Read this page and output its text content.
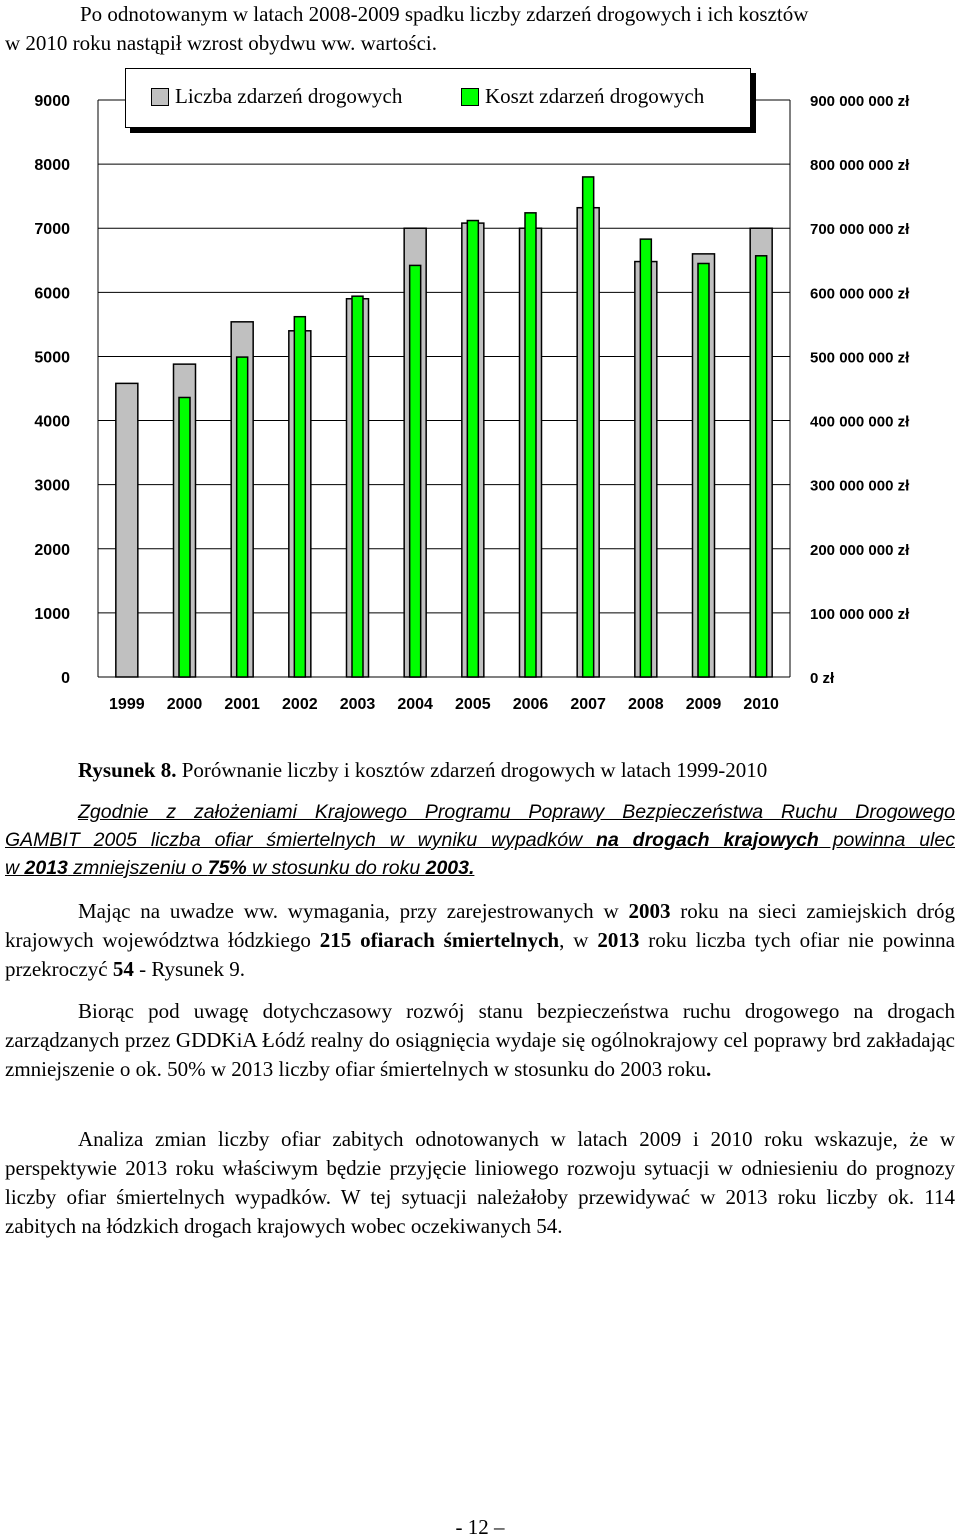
Po odnotowanym w latach 2008-2009 spadku liczby zdarzeń drogowych i ich kosztów
w 2010 roku nastąpił wzrost obydwu ww. wartości.
0	0 zł
1000	100 000 000 zł
2000	200 000 000 zł
3000	300 000 000 zł
4000	400 000 000 zł
5000	500 000 000 zł
6000	600 000 000 zł
7000	700 000 000 zł
8000	800 000 000 zł
9000	900 000 000 zł
1999 2000 2001 2002 2003 2004 2005 2006 2007 2008 2009 2010
Liczba zdarzeń drogowych	Koszt zdarzeń drogowych
Rysunek 8. Porównanie liczby i kosztów zdarzeń drogowych w latach 1999-2010
Zgodnie z założeniami Krajowego Programu Poprawy Bezpieczeństwa Ruchu Drogowego
GAMBIT 2005 liczba ofiar śmiertelnych w wyniku wypadków na drogach krajowych powinna ulec
w 2013 zmniejszeniu o 75% w stosunku do roku 2003.
Mając na uwadze ww. wymagania, przy zarejestrowanych w 2003 roku na sieci zamiejskich dróg krajowych województwa łódzkiego 215 ofiarach śmiertelnych, w 2013 roku liczba tych ofiar nie powinna przekroczyć 54 - Rysunek 9.
Biorąc pod uwagę dotychczasowy rozwój stanu bezpieczeństwa ruchu drogowego na drogach zarządzanych przez GDDKiA Łódź realny do osiągnięcia wydaje się ogólnokrajowy cel poprawy brd zakładając zmniejszenie o ok. 50% w 2013 liczby ofiar śmiertelnych w stosunku do 2003 roku.
Analiza zmian liczby ofiar zabitych odnotowanych w latach 2009 i 2010 roku wskazuje, że w perspektywie 2013 roku właściwym będzie przyjęcie liniowego rozwoju sytuacji w odniesieniu do prognozy liczby ofiar śmiertelnych wypadków. W tej sytuacji należałoby przewidywać w 2013 roku liczby ok. 114 zabitych na łódzkich drogach krajowych wobec oczekiwanych 54.
- 12 –
